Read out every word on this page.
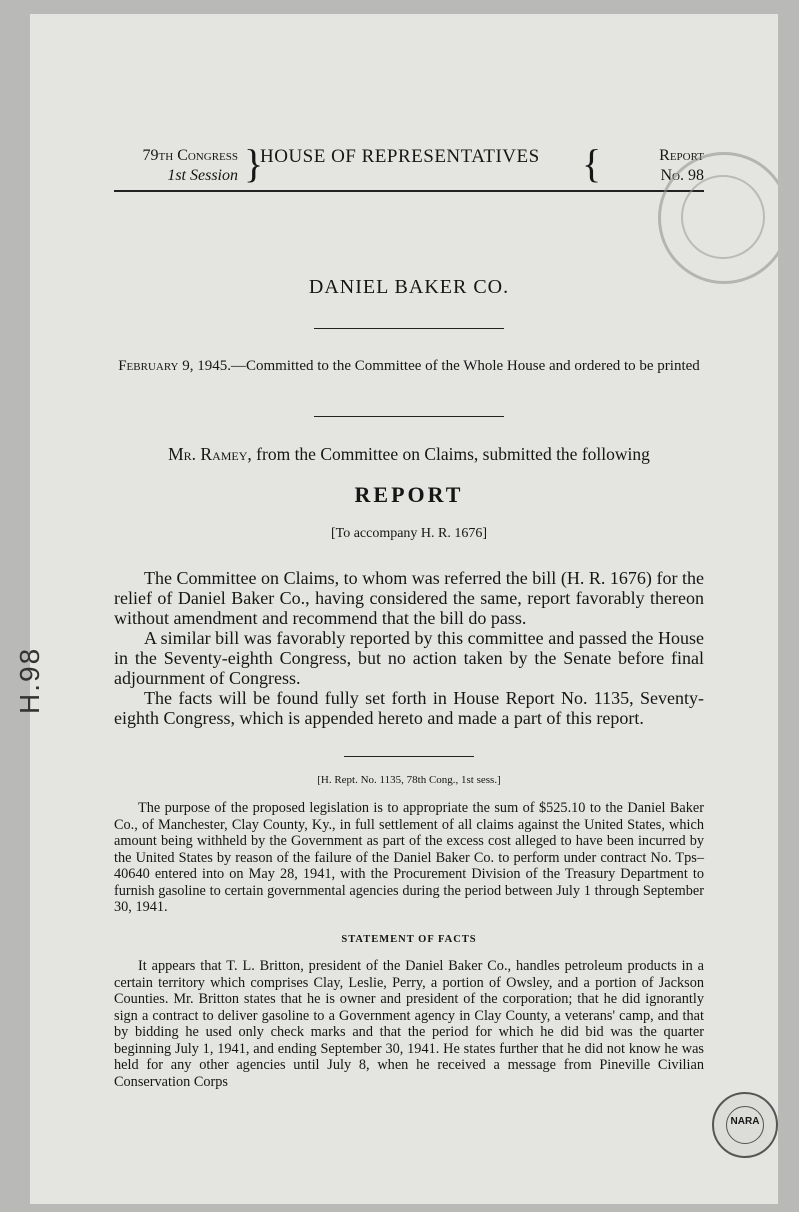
79th Congress
1st Session }
HOUSE OF REPRESENTATIVES {	Report
No. 98
DANIEL BAKER CO.
February 9, 1945.—Committed to the Committee of the Whole House and ordered to be printed
Mr. Ramey, from the Committee on Claims, submitted the following
REPORT
[To accompany H. R. 1676]

The Committee on Claims, to whom was referred the bill (H. R. 1676) for the relief of Daniel Baker Co., having considered the same, report favorably thereon without amendment and recommend that the bill do pass.

A similar bill was favorably reported by this committee and passed the House in the Seventy-eighth Congress, but no action taken by the Senate before final adjournment of Congress.

The facts will be found fully set forth in House Report No. 1135, Seventy-eighth Congress, which is appended hereto and made a part of this report.

[H. Rept. No. 1135, 78th Cong., 1st sess.]

The purpose of the proposed legislation is to appropriate the sum of $525.10 to the Daniel Baker Co., of Manchester, Clay County, Ky., in full settlement of all claims against the United States, which amount being withheld by the Government as part of the excess cost alleged to have been incurred by the United States by reason of the failure of the Daniel Baker Co. to perform under contract No. Tps–40640 entered into on May 28, 1941, with the Procurement Division of the Treasury Department to furnish gasoline to certain governmental agencies during the period between July 1 through September 30, 1941.

STATEMENT OF FACTS

It appears that T. L. Britton, president of the Daniel Baker Co., handles petroleum products in a certain territory which comprises Clay, Leslie, Perry, a portion of Owsley, and a portion of Jackson Counties. Mr. Britton states that he is owner and president of the corporation; that he did ignorantly sign a contract to deliver gasoline to a Government agency in Clay County, a veterans' camp, and that by bidding he used only check marks and that the period for which he did bid was the quarter beginning July 1, 1941, and ending September 30, 1941. He states further that he did not know he was held for any other agencies until July 8, when he received a message from Pineville Civilian Conservation Corps

H.98
NARA
